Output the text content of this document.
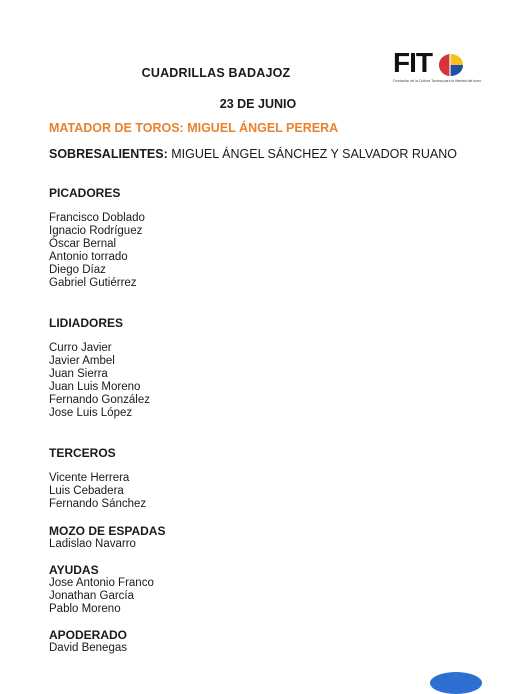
FIT
Fundación de la Cultura Taurina para la libertad del toreo
CUADRILLAS BADAJOZ
23 DE JUNIO
MATADOR DE TOROS: MIGUEL ÁNGEL PERERA
SOBRESALIENTES: MIGUEL ÁNGEL SÁNCHEZ Y SALVADOR RUANO
PICADORES
Francisco Doblado
Ignacio Rodríguez
Óscar Bernal
Antonio torrado
Diego Díaz
Gabriel Gutiérrez
LIDIADORES
Curro Javier
Javier Ambel
Juan Sierra
Juan Luis Moreno
Fernando González
Jose Luis López
TERCEROS
Vicente Herrera
Luis Cebadera
Fernando Sánchez
MOZO DE ESPADAS
Ladislao Navarro
AYUDAS
Jose Antonio Franco
Jonathan García
Pablo Moreno
APODERADO
David Benegas
